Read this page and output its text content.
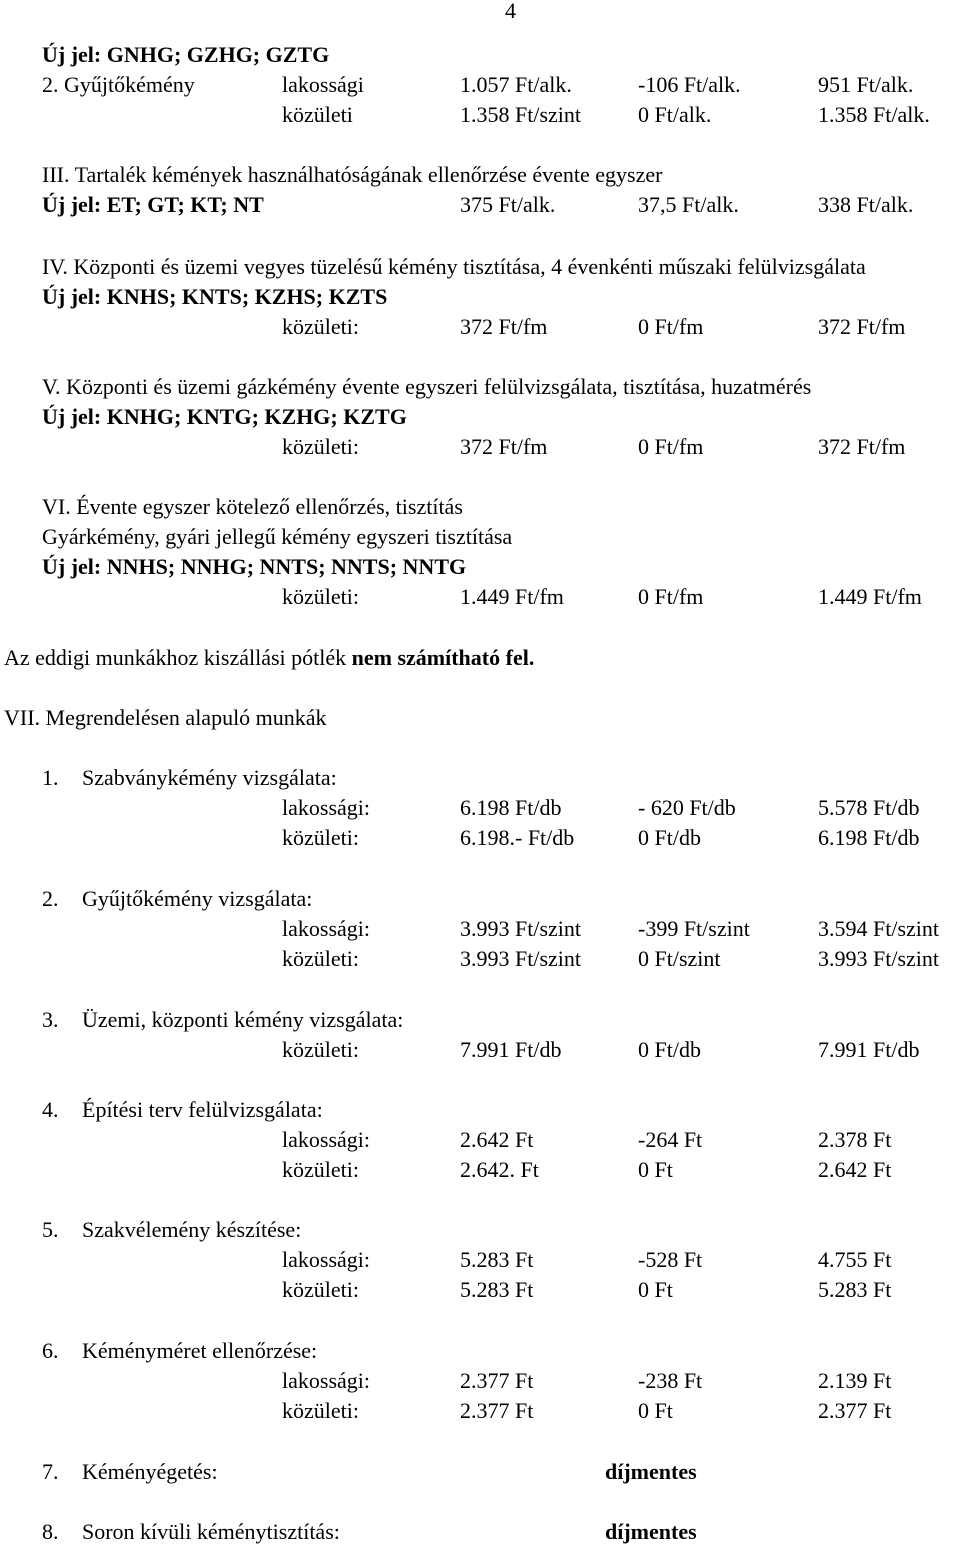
4
Új jel: GNHG; GZHG; GZTG
2. Gyűjtőkémény	lakossági	1.057 Ft/alk.	-106 Ft/alk.	951 Ft/alk.
közületi	1.358 Ft/szint	0 Ft/alk.	1.358 Ft/alk.
III. Tartalék kémények használhatóságának ellenőrzése évente egyszer
Új jel: ET; GT; KT; NT	375 Ft/alk.	37,5 Ft/alk.	338 Ft/alk.
IV. Központi és üzemi vegyes tüzelésű kémény tisztítása, 4 évenkénti műszaki felülvizsgálata
Új jel: KNHS; KNTS; KZHS; KZTS
közületi:	372 Ft/fm	0 Ft/fm	372 Ft/fm
V. Központi és üzemi gázkémény évente egyszeri felülvizsgálata, tisztítása, huzatmérés
Új jel: KNHG; KNTG; KZHG; KZTG
közületi:	372 Ft/fm	0 Ft/fm	372 Ft/fm
VI. Évente egyszer kötelező ellenőrzés, tisztítás
Gyárkémény, gyári jellegű kémény egyszeri tisztítása
Új jel: NNHS; NNHG; NNTS; NNTS; NNTG
közületi:	1.449 Ft/fm	0 Ft/fm	1.449 Ft/fm
Az eddigi munkákhoz kiszállási pótlék nem számítható fel.
VII. Megrendelésen alapuló munkák
1. Szabványkémény vizsgálata:
lakossági:	6.198 Ft/db	- 620 Ft/db	5.578 Ft/db
közületi:	6.198.- Ft/db	0 Ft/db	6.198 Ft/db
2. Gyűjtőkémény vizsgálata:
lakossági:	3.993 Ft/szint	-399 Ft/szint	3.594 Ft/szint
közületi:	3.993 Ft/szint	0 Ft/szint	3.993 Ft/szint
3. Üzemi, központi kémény vizsgálata:
közületi:	7.991 Ft/db	0 Ft/db	7.991 Ft/db
4. Építési terv felülvizsgálata:
lakossági:	2.642 Ft	-264 Ft	2.378 Ft
közületi:	2.642. Ft	0 Ft	2.642 Ft
5. Szakvélemény készítése:
lakossági:	5.283 Ft	-528 Ft	4.755 Ft
közületi:	5.283 Ft	0 Ft	5.283 Ft
6. Kéményméret ellenőrzése:
lakossági:	2.377 Ft	-238 Ft	2.139 Ft
közületi:	2.377 Ft	0 Ft	2.377 Ft
7. Kéményégetés:	díjmentes
8. Soron kívüli kéménytisztítás:	díjmentes
